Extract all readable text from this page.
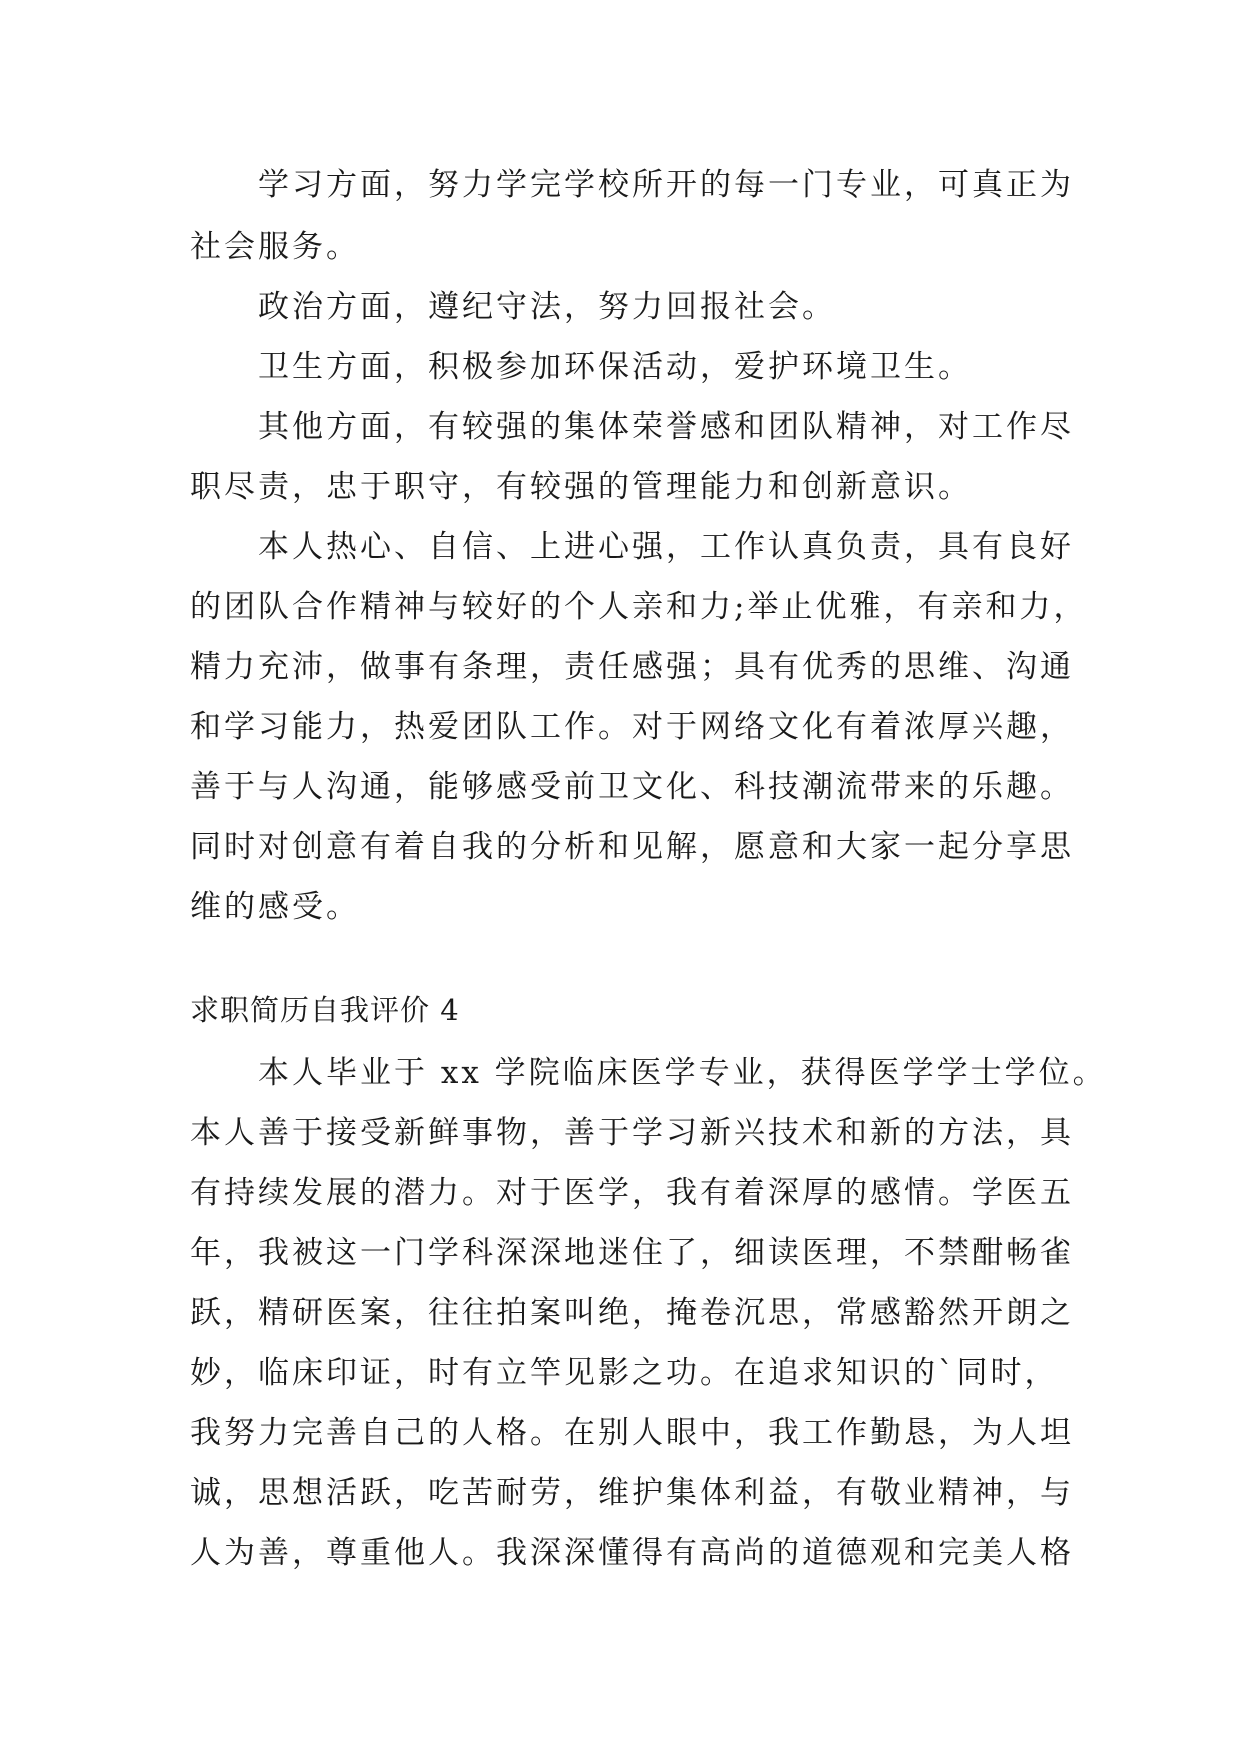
学习方面，努力学完学校所开的每一门专业，可真正为
社会服务。
政治方面，遵纪守法，努力回报社会。
卫生方面，积极参加环保活动，爱护环境卫生。
其他方面，有较强的集体荣誉感和团队精神，对工作尽
职尽责，忠于职守，有较强的管理能力和创新意识。
本人热心、自信、上进心强，工作认真负责，具有良好
的团队合作精神与较好的个人亲和力;举止优雅，有亲和力，
精力充沛，做事有条理，责任感强；具有优秀的思维、沟通
和学习能力，热爱团队工作。对于网络文化有着浓厚兴趣，
善于与人沟通，能够感受前卫文化、科技潮流带来的乐趣。
同时对创意有着自我的分析和见解，愿意和大家一起分享思
维的感受。
求职简历自我评价 4
本人毕业于 xx 学院临床医学专业，获得医学学士学位。
本人善于接受新鲜事物，善于学习新兴技术和新的方法，具
有持续发展的潜力。对于医学，我有着深厚的感情。学医五
年，我被这一门学科深深地迷住了，细读医理，不禁酣畅雀
跃，精研医案，往往拍案叫绝，掩卷沉思，常感豁然开朗之
妙，临床印证，时有立竿见影之功。在追求知识的`同时，
我努力完善自己的人格。在别人眼中，我工作勤恳，为人坦
诚，思想活跃，吃苦耐劳，维护集体利益，有敬业精神，与
人为善，尊重他人。我深深懂得有高尚的道德观和完美人格
